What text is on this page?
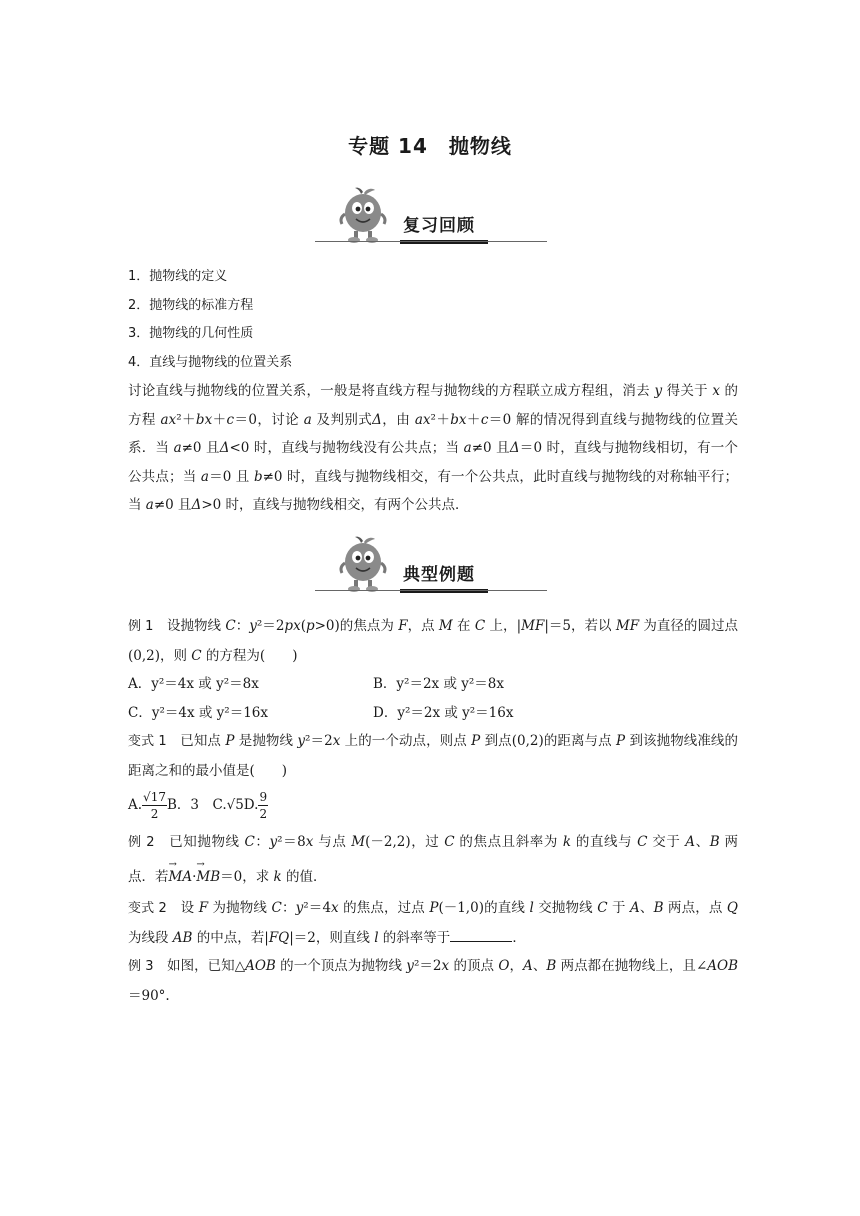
专题 14　抛物线
复习回顾

1．抛物线的定义

2．抛物线的标准方程

3．抛物线的几何性质

4．直线与抛物线的位置关系

讨论直线与抛物线的位置关系，一般是将直线方程与抛物线的方程联立成方程组，消去 y 得关于 x 的方程 ax²＋bx＋c＝0，讨论 a 及判别式Δ，由 ax²＋bx＋c＝0 解的情况得到直线与抛物线的位置关系．当 a≠0 且Δ<0 时，直线与抛物线没有公共点；当 a≠0 且Δ＝0 时，直线与抛物线相切，有一个公共点；当 a＝0 且 b≠0 时，直线与抛物线相交，有一个公共点，此时直线与抛物线的对称轴平行；当 a≠0 且Δ>0 时，直线与抛物线相交，有两个公共点．

典型例题

例 1　设抛物线 C：y²＝2px(p>0)的焦点为 F，点 M 在 C 上，|MF|＝5，若以 MF 为直径的圆过点(0,2)，则 C 的方程为(　　)

A．y²＝4x 或 y²＝8x	B．y²＝2x 或 y²＝8x
C．y²＝4x 或 y²＝16x	D．y²＝2x 或 y²＝16x

变式 1　已知点 P 是抛物线 y²＝2x 上的一个动点，则点 P 到点(0,2)的距离与点 P 到该抛物线准线的距离之和的最小值是(　　)

A. $\frac{√17}{2}$ B．3　C.√5D. $\frac{9}{2}$

例 2　已知抛物线 C：y²＝8x 与点 M(－2,2)，过 C 的焦点且斜率为 k 的直线与 C 交于 A、B 两点．若→ MA·→ MB＝0，求 k 的值．

变式 2　设 F 为抛物线 C：y²＝4x 的焦点，过点 P(－1,0)的直线 l 交抛物线 C 于 A、B 两点，点 Q 为线段 AB 的中点，若|FQ|＝2，则直线 l 的斜率等于	．

例 3　如图，已知△AOB 的一个顶点为抛物线 y²＝2x 的顶点 O，A、B 两点都在抛物线上，且∠AOB＝90°.
